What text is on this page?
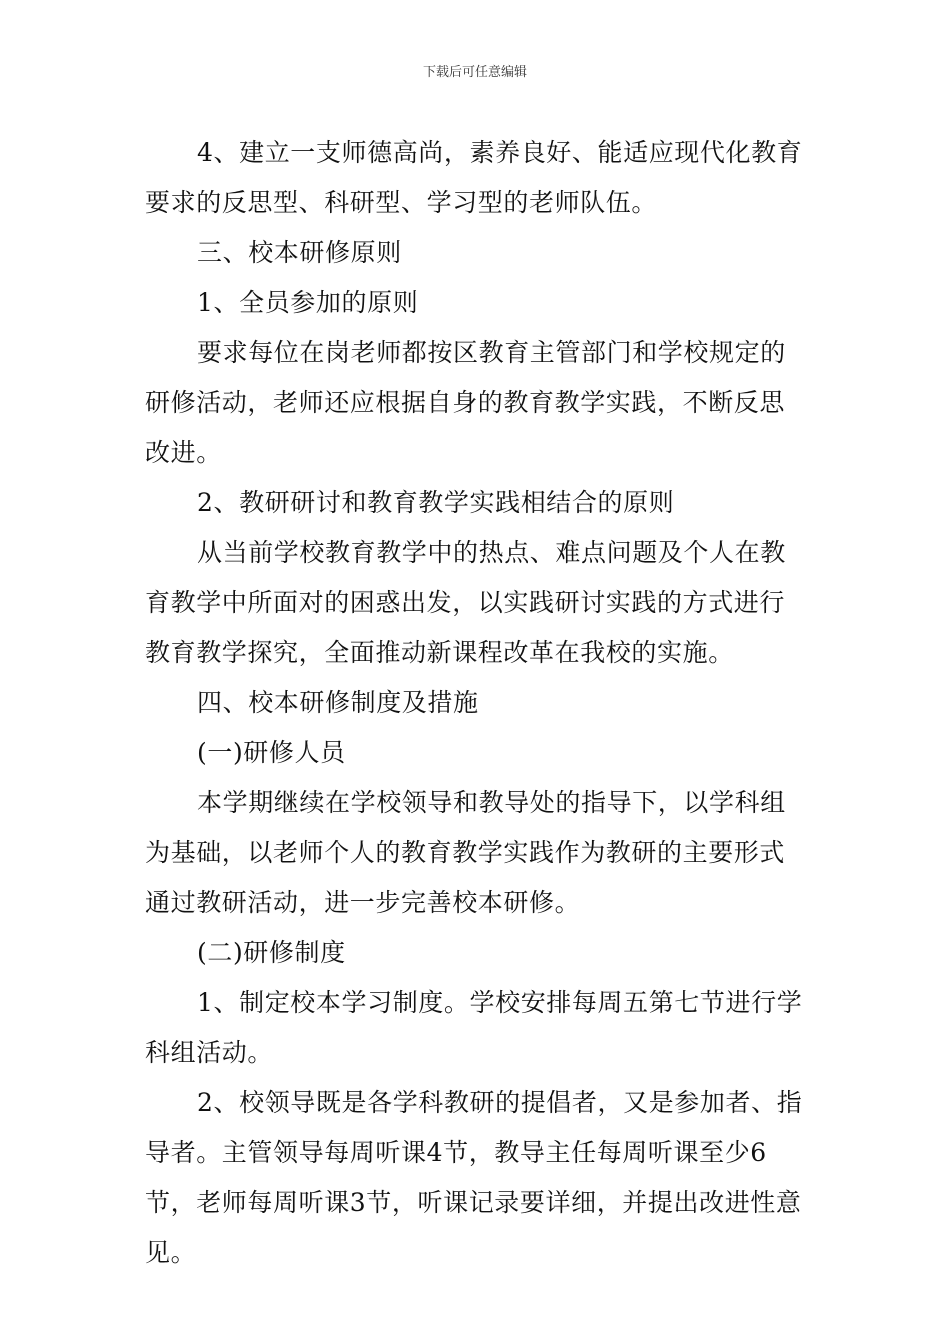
下载后可任意编辑

4、建立一支师德高尚，素养良好、能适应现代化教育要求的反思型、科研型、学习型的老师队伍。

三、校本研修原则

1、全员参加的原则

要求每位在岗老师都按区教育主管部门和学校规定的研修活动，老师还应根据自身的教育教学实践，不断反思改进。

2、教研研讨和教育教学实践相结合的原则

从当前学校教育教学中的热点、难点问题及个人在教育教学中所面对的困惑出发，以实践研讨实践的方式进行教育教学探究，全面推动新课程改革在我校的实施。

四、校本研修制度及措施

(一)研修人员

本学期继续在学校领导和教导处的指导下，以学科组为基础，以老师个人的教育教学实践作为教研的主要形式通过教研活动，进一步完善校本研修。

(二)研修制度

1、制定校本学习制度。学校安排每周五第七节进行学科组活动。

2、校领导既是各学科教研的提倡者，又是参加者、指导者。主管领导每周听课4节，教导主任每周听课至少6节，老师每周听课3节，听课记录要详细，并提出改进性意见。
